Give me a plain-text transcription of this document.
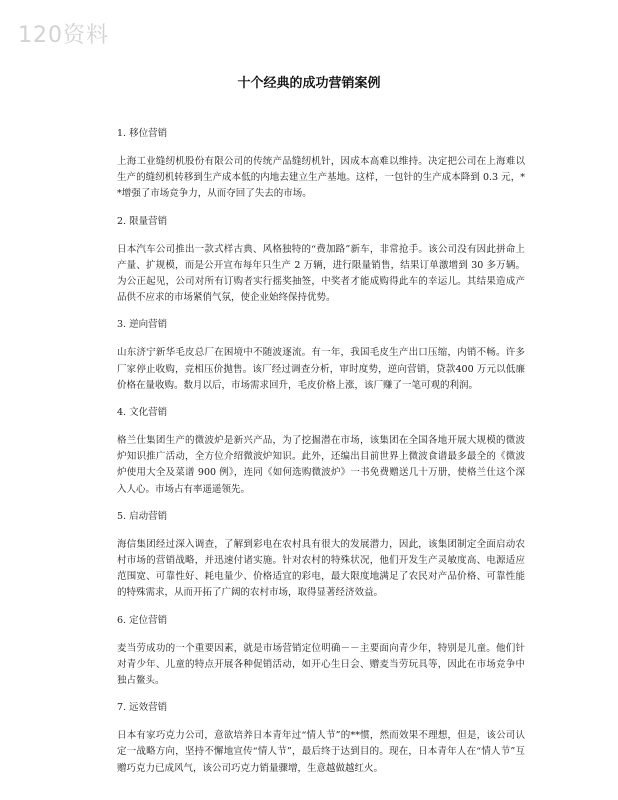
120资料
十个经典的成功营销案例

1. 移位营销

上海工业缝纫机股份有限公司的传统产品缝纫机针，因成本高难以维持。决定把公司在上海难以生产的缝纫机转移到生产成本低的内地去建立生产基地。这样，一包针的生产成本降到 0.3 元，**增强了市场竞争力，从而夺回了失去的市场。

2. 限量营销

日本汽车公司推出一款式样古典、风格独特的“费加路”新车，非常抢手。该公司没有因此拼命上产量、扩规模，而是公开宣布每年只生产 2 万辆，进行限量销售，结果订单激增到 30 多万辆。为公正起见，公司对所有订购者实行摇奖抽签，中奖者才能成购得此车的幸运儿。其结果造成产品供不应求的市场紧俏气氛，使企业始终保持优势。

3. 逆向营销

山东济宁新华毛皮总厂在困境中不随波逐流。有一年，我国毛皮生产出口压缩，内销不畅。许多厂家停止收购，竞相压价抛售。该厂经过调查分析，审时度势，逆向营销，贷款400 万元以低廉价格在量收购。数月以后，市场需求回升，毛皮价格上涨，该厂赚了一笔可观的利润。

4. 文化营销

格兰仕集团生产的微波炉是新兴产品，为了挖掘潜在市场，该集团在全国各地开展大规模的微波炉知识推广活动，全方位介绍微波炉知识。此外，还编出目前世界上微波食谱最多最全的《微波炉使用大全及菜谱 900 例》，连同《如何选购微波炉》一书免费赠送几十万册，使格兰仕这个深入人心。市场占有率遥遥领先。

5. 启动营销

海信集团经过深入调查，了解到彩电在农村具有很大的发展潜力，因此，该集团制定全面启动农村市场的营销战略，并迅速付诸实施。针对农村的特殊状况，他们开发生产灵敏度高、电源适应范围宽、可靠性好、耗电量少、价格适宜的彩电，最大限度地满足了农民对产品价格、可靠性能的特殊需求，从而开拓了广阔的农村市场，取得显著经济效益。

6. 定位营销

麦当劳成功的一个重要因素，就是市场营销定位明确－－主要面向青少年，特别是儿童。他们针对青少年、儿童的特点开展各种促销活动，如开心生日会、赠麦当劳玩具等，因此在市场竞争中独占鳌头。

7. 远效营销

日本有家巧克力公司，意欲培养日本青年过“情人节”的**惯，然而效果不理想，但是，该公司认定一战略方向，坚持不懈地宣传“情人节”，最后终于达到目的。现在，日本青年人在“情人节”互赠巧克力已成风气，该公司巧克力销量骤增，生意越做越红火。
